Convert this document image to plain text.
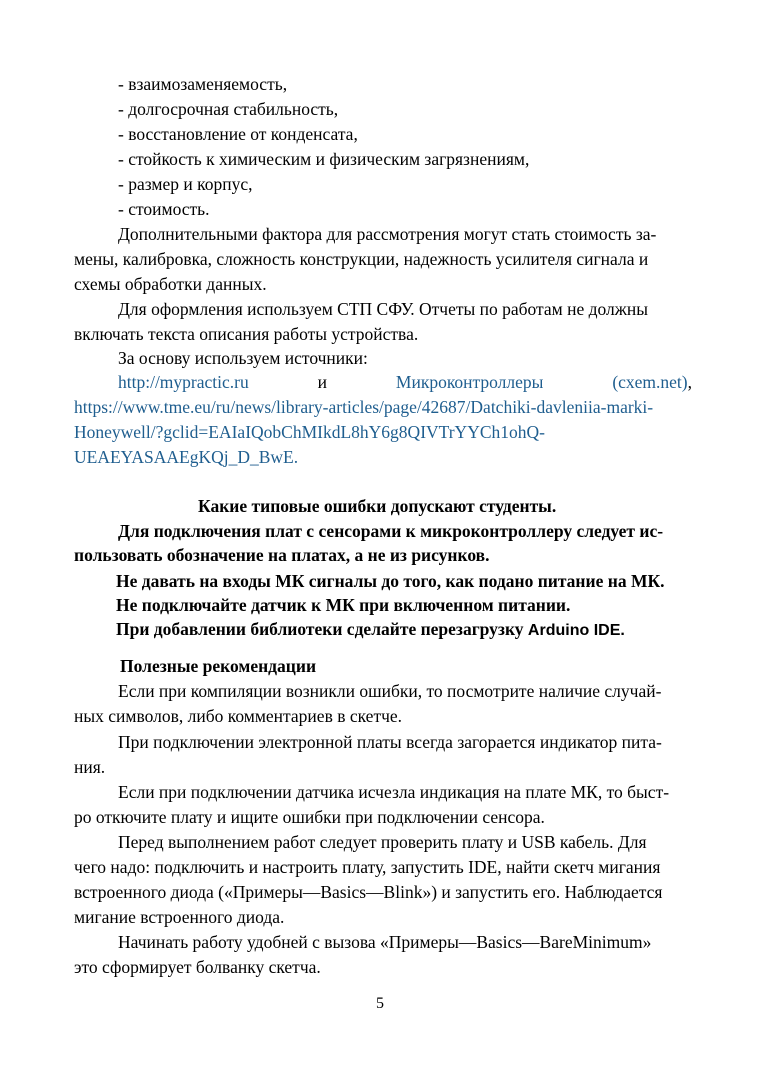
- взаимозаменяемость,
- долгосрочная стабильность,
- восстановление от конденсата,
- стойкость к химическим и физическим загрязнениям,
- размер и корпус,
- стоимость.
Дополнительными фактора для рассмотрения могут стать стоимость за-
мены, калибровка, сложность конструкции, надежность усилителя сигнала и
схемы обработки данных.
Для оформления используем СТП СФУ. Отчеты по работам не должны
включать текста описания работы устройства.
За основу используем источники:
http://mypractic.ru	и	Микроконтроллеры	(cxem.net),
https://www.tme.eu/ru/news/library-articles/page/42687/Datchiki-davleniia-marki-
Honeywell/?gclid=EAIaIQobChMIkdL8hY6g8QIVTrYYCh1ohQ-
UEAEYASAAEgKQj_D_BwE.
Какие типовые ошибки допускают студенты.
Для подключения плат с сенсорами к микроконтроллеру следует ис-
пользовать обозначение на платах, а не из рисунков.
Не давать на входы МК сигналы до того, как подано питание на МК.
Не подключайте датчик к МК при включенном питании.
При добавлении библиотеки сделайте перезагрузку Arduino IDE.
Полезные рекомендации
Если при компиляции возникли ошибки, то посмотрите наличие случай-
ных символов, либо комментариев в скетче.
При подключении электронной платы всегда загорается индикатор пита-
ния.
Если при подключении датчика исчезла индикация на плате МК, то быст-
ро откючите плату и ищите ошибки при подключении сенсора.
Перед выполнением работ следует проверить плату и USB кабель. Для
чего надо: подключить и настроить плату, запустить IDE, найти скетч мигания
встроенного диода («Примеры—Basics—Blink») и запустить его. Наблюдается
мигание встроенного диода.
Начинать работу удобней с вызова «Примеры—Basics—BareMinimum»
это сформирует болванку скетча.
5
